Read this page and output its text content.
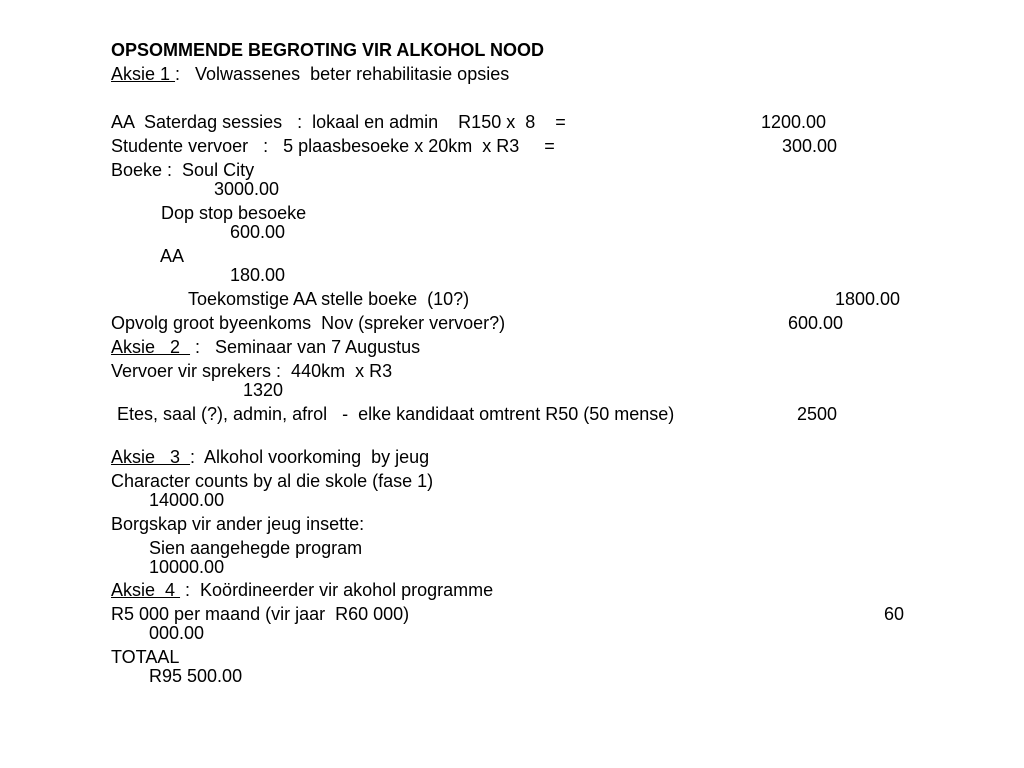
OPSOMMENDE BEGROTING VIR ALKOHOL NOOD
Aksie 1 :   Volwassenes  beter rehabilitasie opsies
AA  Saterdag sessies   :  lokaal en admin    R150 x  8    =	1200.00
Studente vervoer   :   5 plaasbesoeke x 20km  x R3     =	300.00
Boeke :  Soul City
3000.00
Dop stop besoeke
600.00
AA
180.00
Toekomstige AA stelle boeke  (10?)	1800.00
Opvolg groot byeenkoms  Nov (spreker vervoer?)	600.00
Aksie   2   :   Seminaar van 7 Augustus
Vervoer vir sprekers :  440km  x R3
1320
Etes, saal (?), admin, afrol   -  elke kandidaat omtrent R50 (50 mense)	2500
Aksie   3  :  Alkohol voorkoming  by jeug
Character counts by al die skole (fase 1)
14000.00
Borgskap vir ander jeug insette:
Sien aangehegde program
10000.00
Aksie  4  :  Koördineerder vir akohol programme
R5 000 per maand (vir jaar  R60 000)	60
000.00
TOTAAL
R95 500.00
